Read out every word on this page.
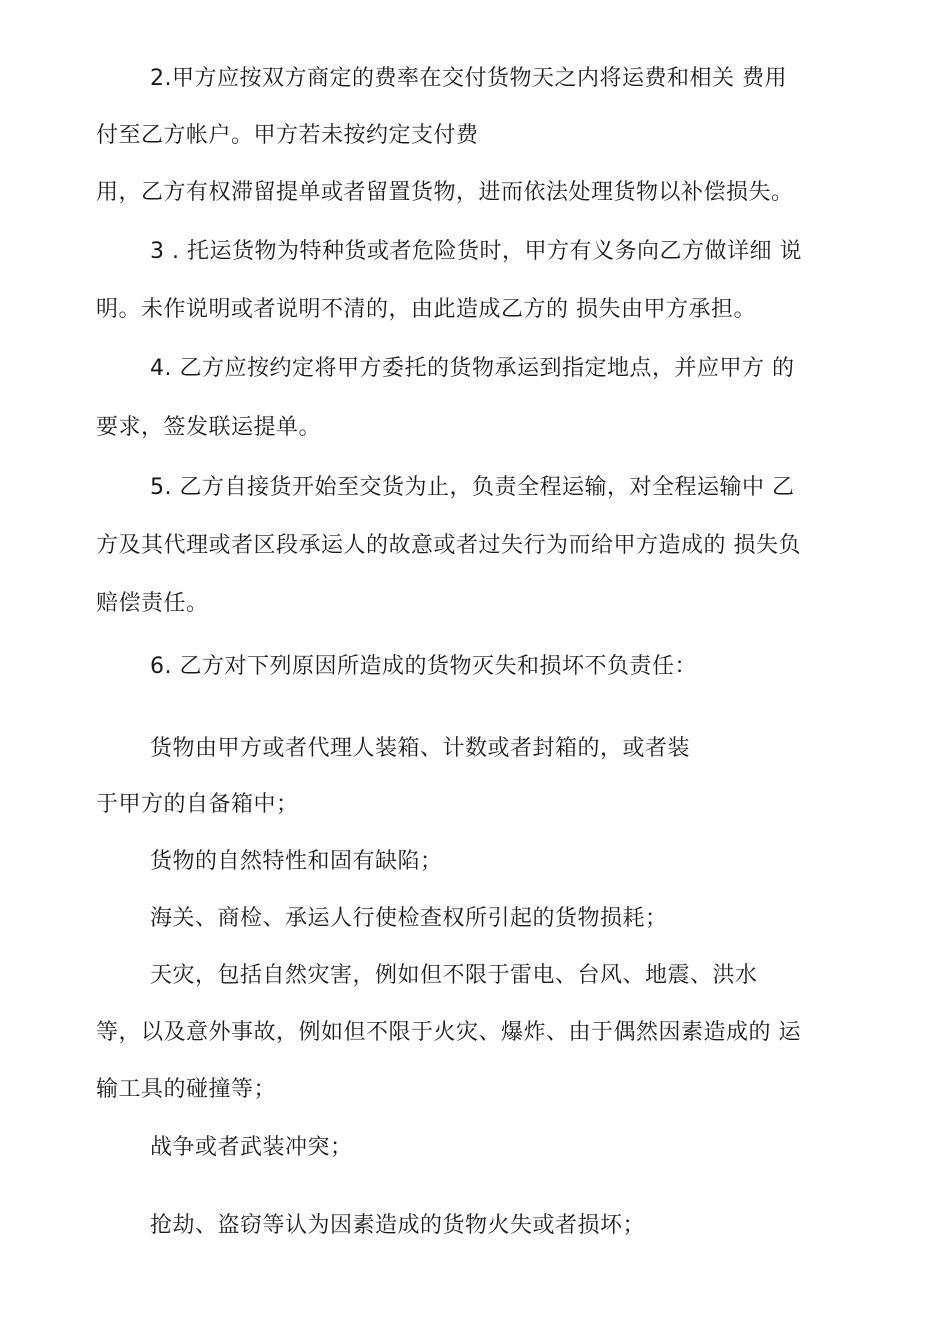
2.甲方应按双方商定的费率在交付货物天之内将运费和相关 费用
付至乙方帐户。甲方若未按约定支付费
用，乙方有权滞留提单或者留置货物，进而依法处理货物以补偿损失。
3 . 托运货物为特种货或者危险货时，甲方有义务向乙方做详细 说
明。未作说明或者说明不清的，由此造成乙方的 损失由甲方承担。
4. 乙方应按约定将甲方委托的货物承运到指定地点，并应甲方 的
要求，签发联运提单。
5. 乙方自接货开始至交货为止，负责全程运输，对全程运输中 乙
方及其代理或者区段承运人的故意或者过失行为而给甲方造成的 损失负
赔偿责任。
6. 乙方对下列原因所造成的货物灭失和损坏不负责任：
货物由甲方或者代理人装箱、计数或者封箱的，或者装
于甲方的自备箱中；
货物的自然特性和固有缺陷；
海关、商检、承运人行使检查权所引起的货物损耗；
天灾，包括自然灾害，例如但不限于雷电、台风、地震、洪水
等，以及意外事故，例如但不限于火灾、爆炸、由于偶然因素造成的 运
输工具的碰撞等；
战争或者武装冲突；
抢劫、盗窃等认为因素造成的货物火失或者损坏；
